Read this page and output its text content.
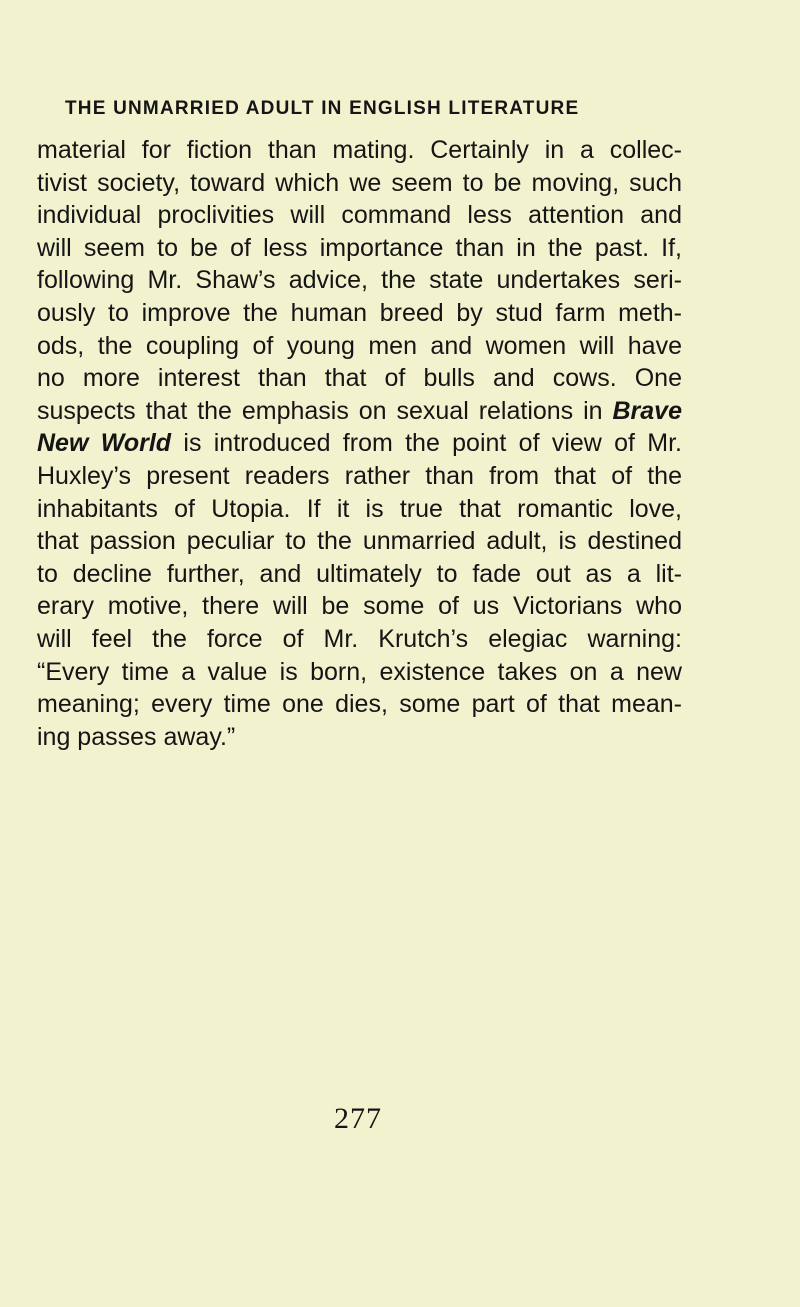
THE UNMARRIED ADULT IN ENGLISH LITERATURE
material for fiction than mating. Certainly in a collec-
tivist society, toward which we seem to be moving, such
individual proclivities will command less attention and
will seem to be of less importance than in the past. If,
following Mr. Shaw’s advice, the state undertakes seri-
ously to improve the human breed by stud farm meth-
ods, the coupling of young men and women will have
no more interest than that of bulls and cows. One
suspects that the emphasis on sexual relations in Brave
New World is introduced from the point of view of Mr.
Huxley’s present readers rather than from that of the
inhabitants of Utopia. If it is true that romantic love,
that passion peculiar to the unmarried adult, is destined
to decline further, and ultimately to fade out as a lit-
erary motive, there will be some of us Victorians who
will feel the force of Mr. Krutch’s elegiac warning:
“Every time a value is born, existence takes on a new
meaning; every time one dies, some part of that mean-
ing passes away.”
277
